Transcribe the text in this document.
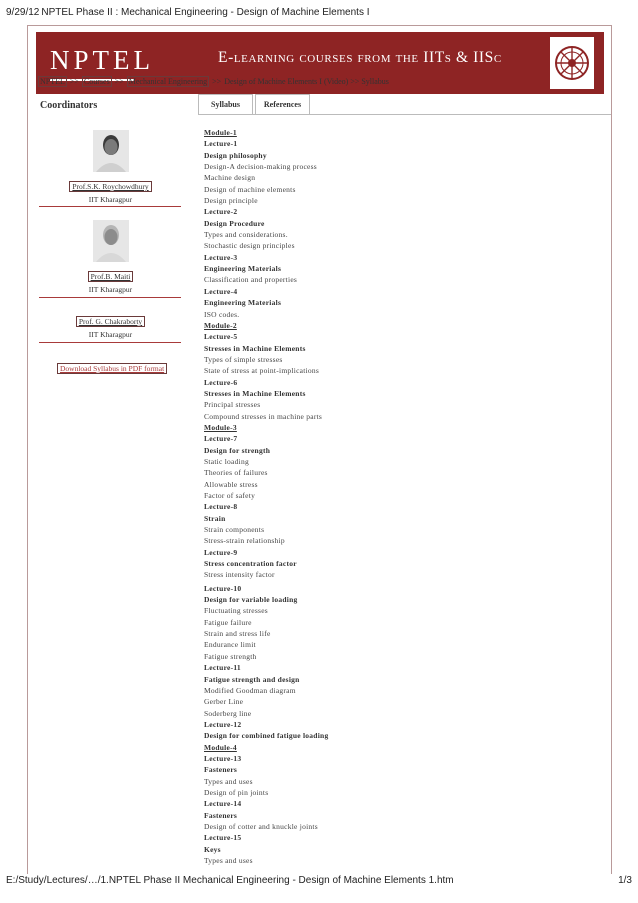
9/29/12 NPTEL Phase II : Mechanical Engineering - Design of Machine Elements I
NPTEL	E-learning courses from the IITs & IISc
NPTEL >> Courses >> Mechanical Engineering >> Design of Machine Elements I (Video) >> Syllabus
Coordinators
Prof.S.K. Roychowdhury
IIT Kharagpur
Prof.B. Maiti
IIT Kharagpur
Prof. G. Chakraborty
IIT Kharagpur
Download Syllabus in PDF format
Syllabus	References
Module-1
Lecture-1
Design philosophy
Design-A decision-making process
Machine design
Design of machine elements
Design principle
Lecture-2
Design Procedure
Types and considerations.
Stochastic design principles
Lecture-3
Engineering Materials
Classification and properties
Lecture-4
Engineering Materials
ISO codes.
Module-2
Lecture-5
Stresses in Machine Elements
Types of simple stresses
State of stress at point-implications
Lecture-6
Stresses in Machine Elements
Principal stresses
Compound stresses in machine parts
Module-3
Lecture-7
Design for strength
Static loading
Theories of failures
Allowable stress
Factor of safety
Lecture-8
Strain
Strain components
Stress-strain relationship
Lecture-9
Stress concentration factor
Stress intensity factor
Lecture-10
Design for variable loading
Fluctuating stresses
Fatigue failure
Strain and stress life
Endurance limit
Fatigue strength
Lecture-11
Fatigue strength and design
Modified Goodman diagram
Gerber Line
Soderberg line
Lecture-12
Design for combined fatigue loading
Module-4
Lecture-13
Fasteners
Types and uses
Design of pin joints
Lecture-14
Fasteners
Design of cotter and knuckle joints
Lecture-15
Keys
Types and uses
E:/Study/Lectures/…/1.NPTEL Phase II Mechanical Engineering - Design of Machine Elements 1.htm	1/3
